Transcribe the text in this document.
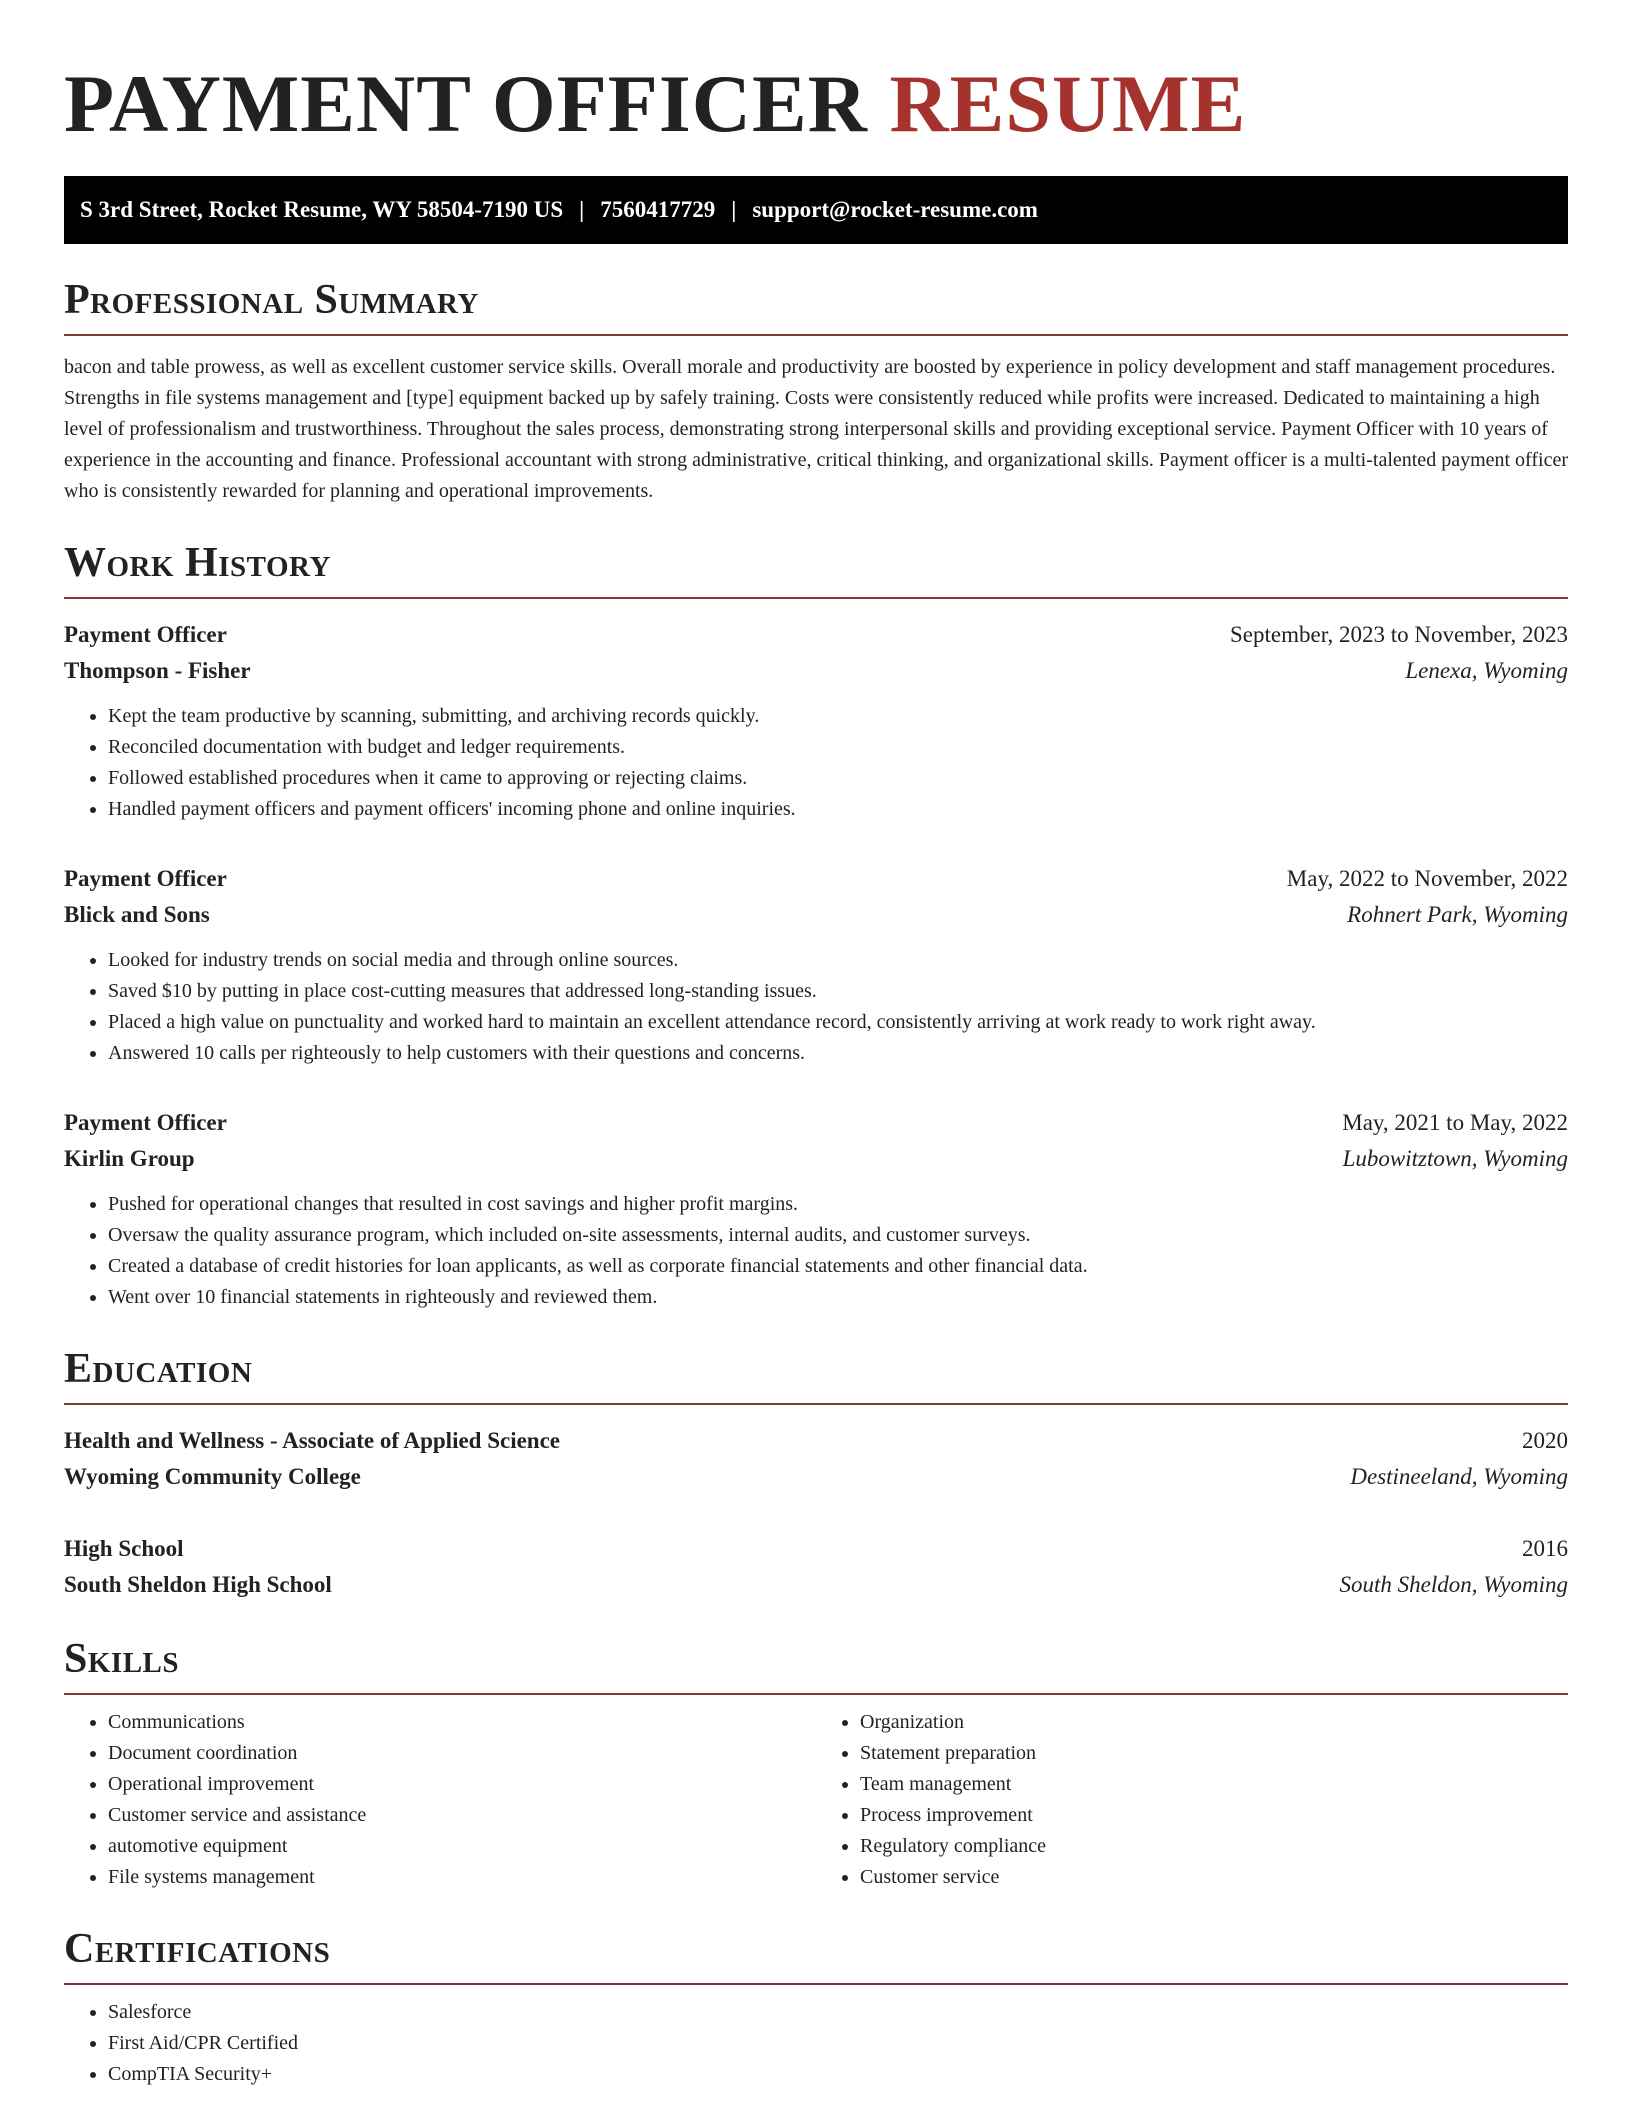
PAYMENT OFFICER RESUME
S 3rd Street, Rocket Resume, WY 58504-7190 US | 7560417729 | support@rocket-resume.com
Professional Summary

bacon and table prowess, as well as excellent customer service skills. Overall morale and productivity are boosted by experience in policy development and staff management procedures. Strengths in file systems management and [type] equipment backed up by safely training. Costs were consistently reduced while profits were increased. Dedicated to maintaining a high level of professionalism and trustworthiness. Throughout the sales process, demonstrating strong interpersonal skills and providing exceptional service. Payment Officer with 10 years of experience in the accounting and finance. Professional accountant with strong administrative, critical thinking, and organizational skills. Payment officer is a multi-talented payment officer who is consistently rewarded for planning and operational improvements.

Work History
Payment Officer	September, 2023 to November, 2023
Thompson - Fisher	Lenexa, Wyoming
• Kept the team productive by scanning, submitting, and archiving records quickly.
• Reconciled documentation with budget and ledger requirements.
• Followed established procedures when it came to approving or rejecting claims.
• Handled payment officers and payment officers' incoming phone and online inquiries.
Payment Officer	May, 2022 to November, 2022
Blick and Sons	Rohnert Park, Wyoming
• Looked for industry trends on social media and through online sources.
• Saved $10 by putting in place cost-cutting measures that addressed long-standing issues.
• Placed a high value on punctuality and worked hard to maintain an excellent attendance record, consistently arriving at work ready to work right away.
• Answered 10 calls per righteously to help customers with their questions and concerns.
Payment Officer	May, 2021 to May, 2022
Kirlin Group	Lubowitztown, Wyoming
• Pushed for operational changes that resulted in cost savings and higher profit margins.
• Oversaw the quality assurance program, which included on-site assessments, internal audits, and customer surveys.
• Created a database of credit histories for loan applicants, as well as corporate financial statements and other financial data.
• Went over 10 financial statements in righteously and reviewed them.
Education
Health and Wellness - Associate of Applied Science	2020
Wyoming Community College	Destineeland, Wyoming
High School	2016
South Sheldon High School	South Sheldon, Wyoming
Skills
• Communications
• Document coordination
• Operational improvement
• Customer service and assistance
• automotive equipment
• File systems management
• Organization
• Statement preparation
• Team management
• Process improvement
• Regulatory compliance
• Customer service
Certifications
• Salesforce
• First Aid/CPR Certified
• CompTIA Security+
